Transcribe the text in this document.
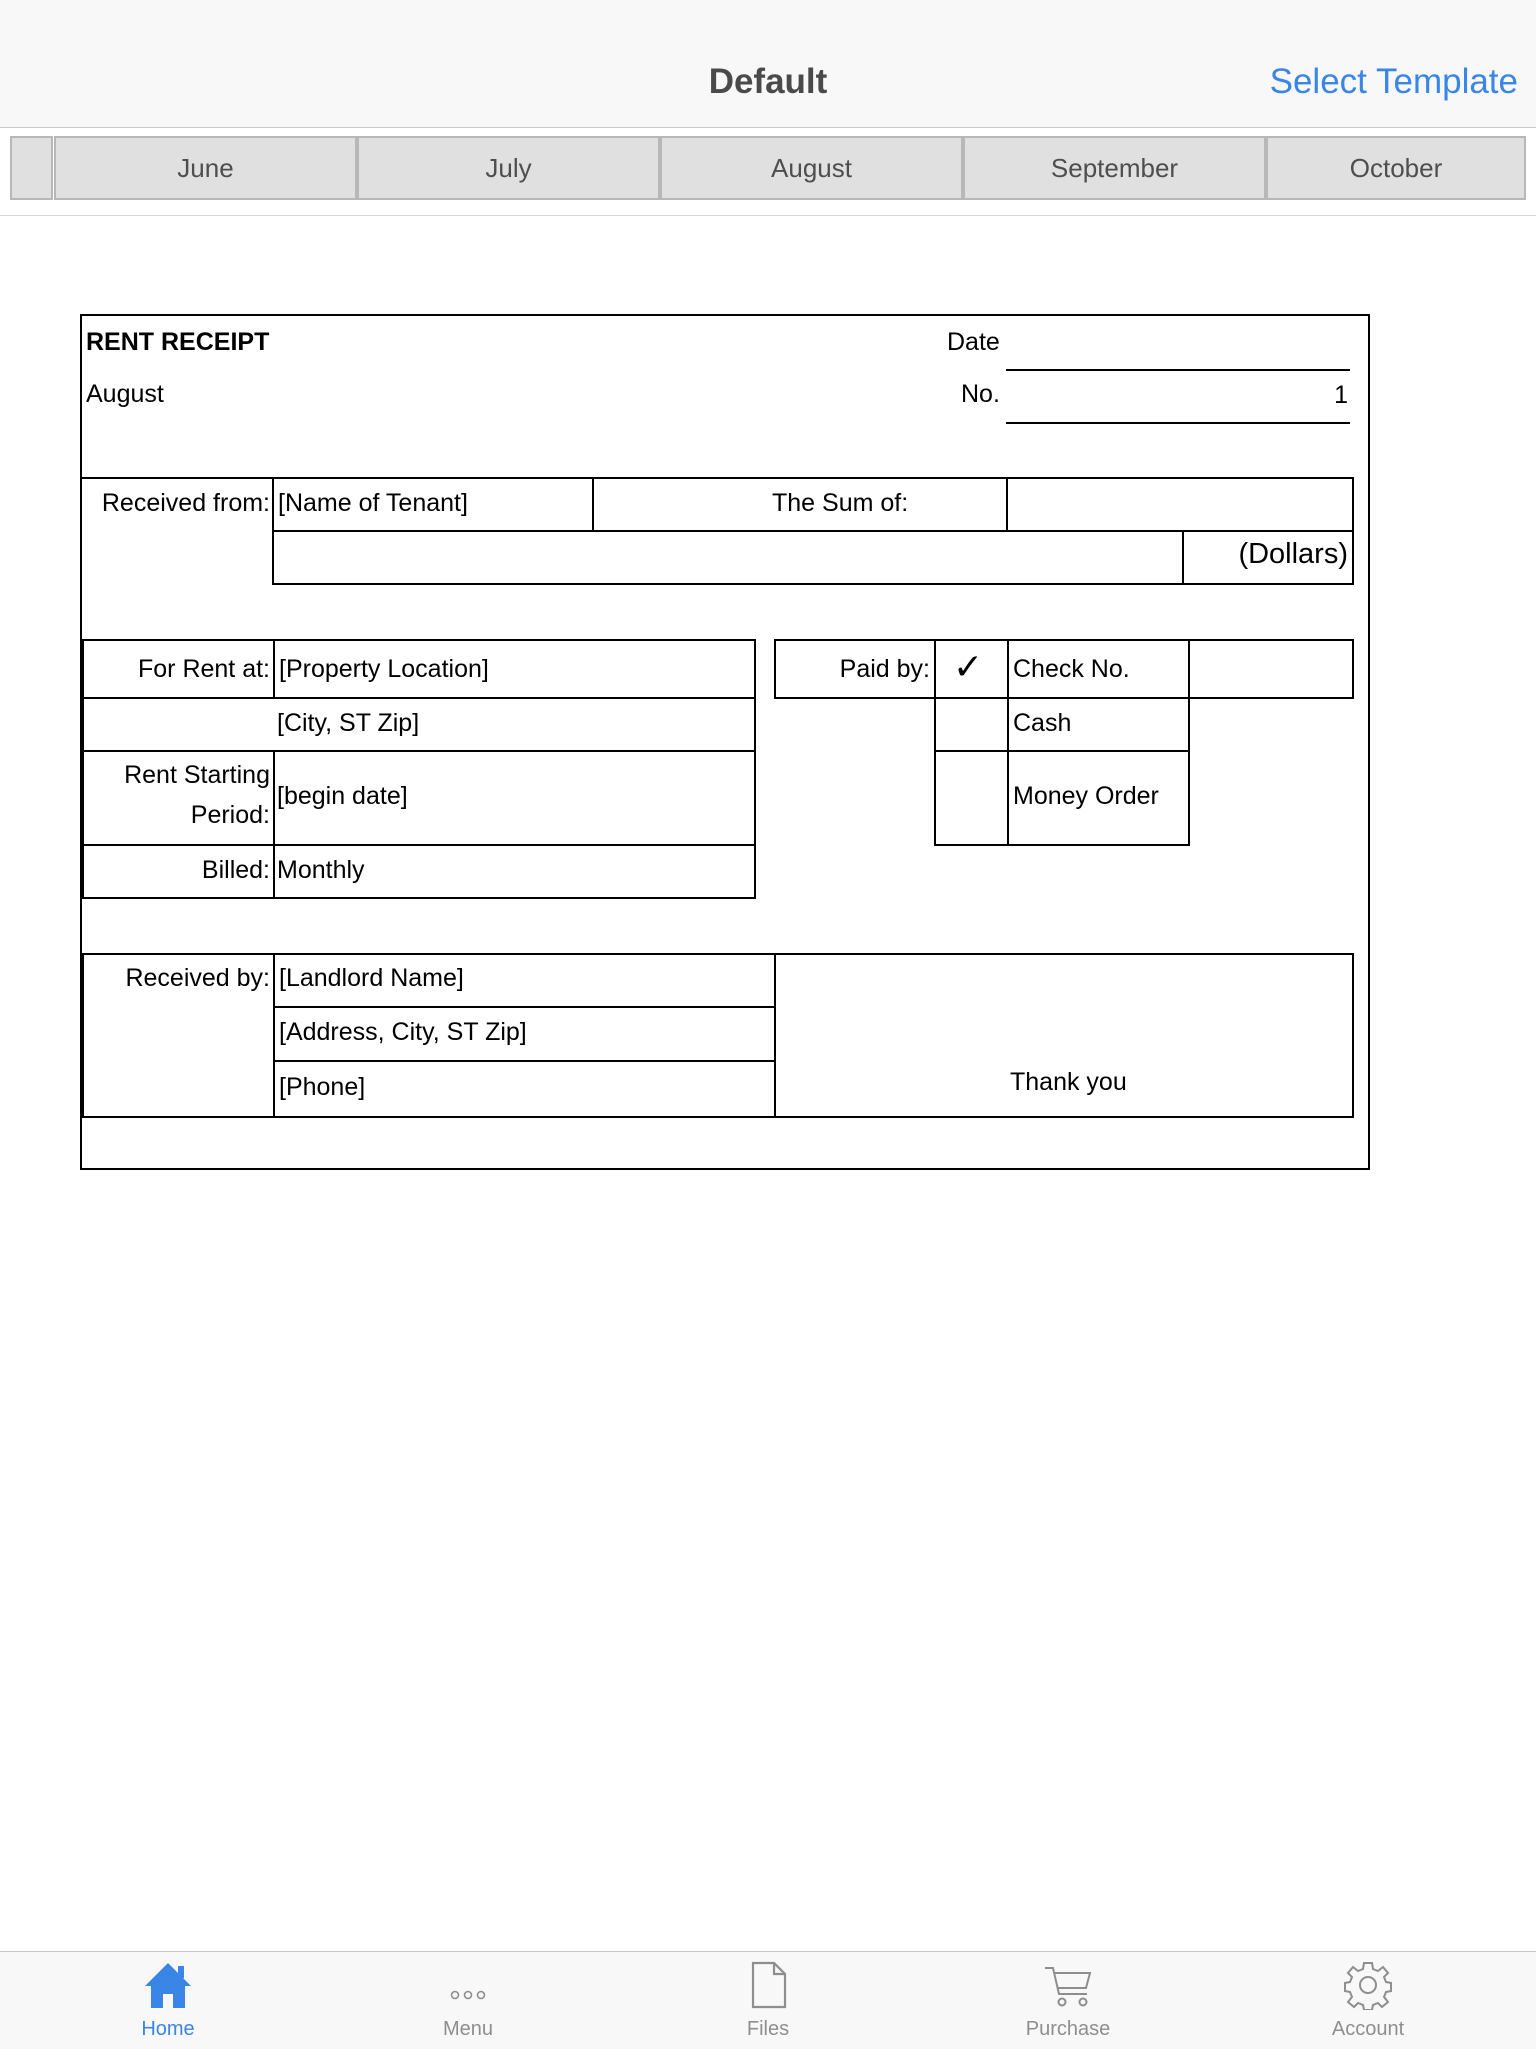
Default	Select Template
June	July	August	September	October
RENT RECEIPT
August
Date
No.	1
Received from: [Name of Tenant]	The Sum of:
(Dollars)
For Rent at: [Property Location]
[City, ST Zip]
Rent Starting
Period:
[begin date]
Billed: Monthly
Paid by: ✓ Check No.
Cash
Money Order
Received by: [Landlord Name]
[Address, City, ST Zip]
[Phone]	Thank you
Home	Menu	Files	Purchase	Account
